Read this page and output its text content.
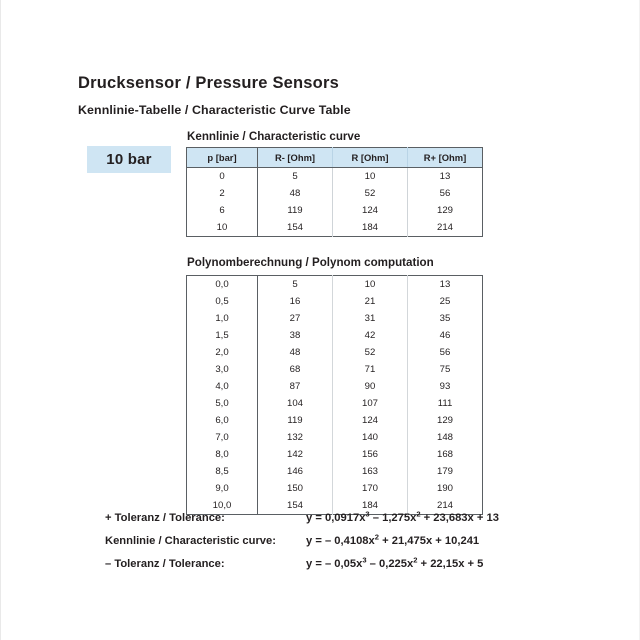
Drucksensor / Pressure Sensors
Kennlinie-Tabelle / Characteristic Curve Table
10 bar
Kennlinie / Characteristic curve
p [bar]	R- [Ohm]	R [Ohm]	R+ [Ohm]
0	5	10	13
2	48	52	56
6	119	124	129
10	154	184	214
Polynomberechnung / Polynom computation
0,0	5	10	13
0,5	16	21	25
1,0	27	31	35
1,5	38	42	46
2,0	48	52	56
3,0	68	71	75
4,0	87	90	93
5,0	104	107	111
6,0	119	124	129
7,0	132	140	148
8,0	142	156	168
8,5	146	163	179
9,0	150	170	190
10,0	154	184	214
+ Toleranz / Tolerance:	$y = 0,0917x^3 - 1,275x^2 + 23,683x + 13$
Kennlinie / Characteristic curve:	y = – $0,4108x^2 + 21,475x + 10,241$
– Toleranz / Tolerance:	y = – $0,05x^3 - 0,225x^2 + 22,15x + 5$
